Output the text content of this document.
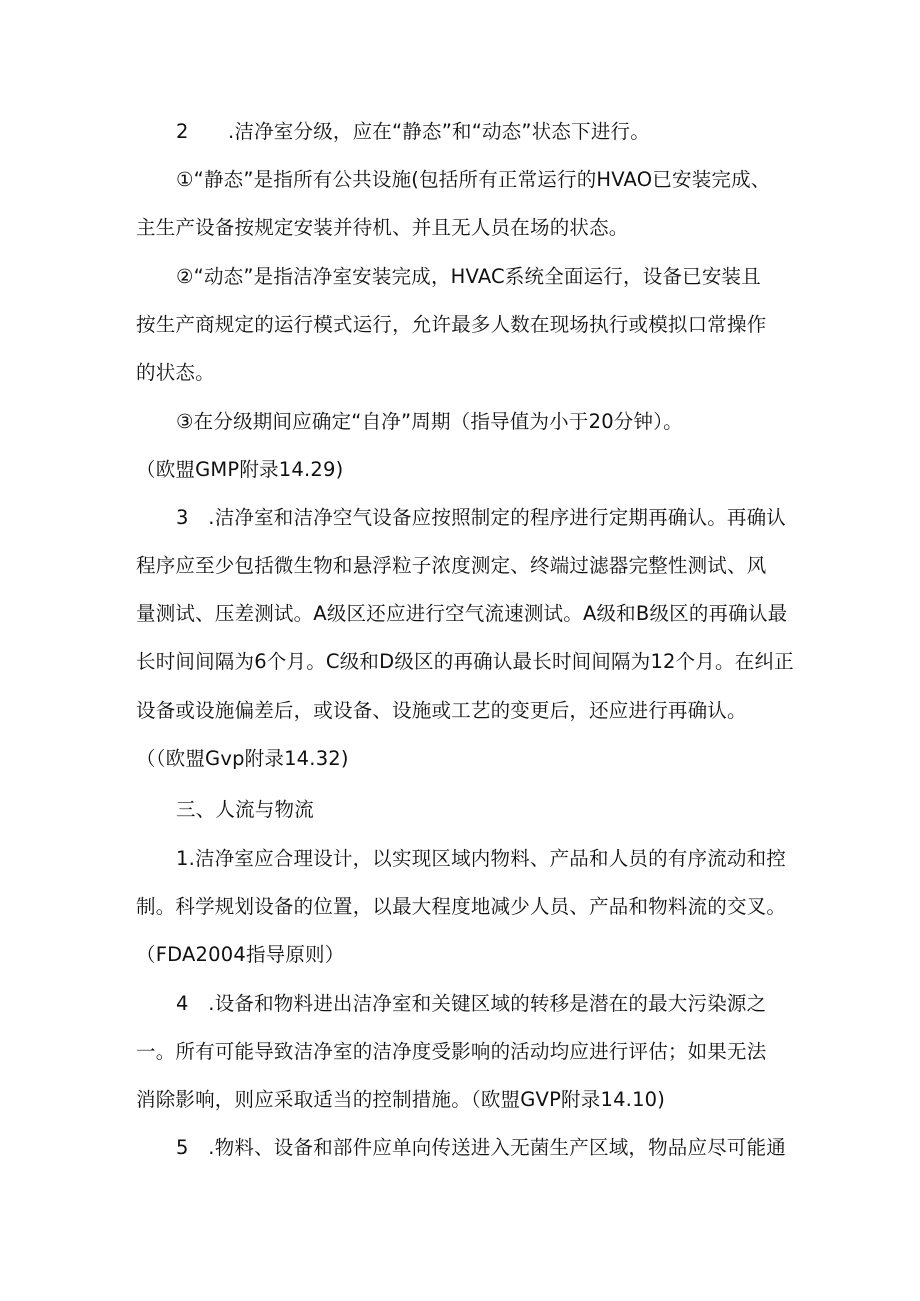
2　　.洁净室分级，应在“静态”和“动态”状态下进行。
①“静态”是指所有公共设施(包括所有正常运行的HVAO已安装完成、
主生产设备按规定安装并待机、并且无人员在场的状态。
②“动态”是指洁净室安装完成，HVAC系统全面运行，设备已安装且
按生产商规定的运行模式运行，允许最多人数在现场执行或模拟口常操作
的状态。
③在分级期间应确定“自净”周期（指导值为小于20分钟）。
（欧盟GMP附录14.29)
3　.洁净室和洁净空气设备应按照制定的程序进行定期再确认。再确认
程序应至少包括微生物和悬浮粒子浓度测定、终端过滤器完整性测试、风
量测试、压差测试。A级区还应进行空气流速测试。A级和B级区的再确认最
长时间间隔为6个月。C级和D级区的再确认最长时间间隔为12个月。在纠正
设备或设施偏差后，或设备、设施或工艺的变更后，还应进行再确认。
（（欧盟Gvp附录14.32)
三、人流与物流
1.洁净室应合理设计，以实现区域内物料、产品和人员的有序流动和控
制。科学规划设备的位置，以最大程度地减少人员、产品和物料流的交叉。
（FDA2004指导原则）
4　.设备和物料进出洁净室和关键区域的转移是潜在的最大污染源之
一。所有可能导致洁净室的洁净度受影响的活动均应进行评估；如果无法
消除影响，则应采取适当的控制措施。（欧盟GVP附录14.10)
5　.物料、设备和部件应单向传送进入无菌生产区域，物品应尽可能通
